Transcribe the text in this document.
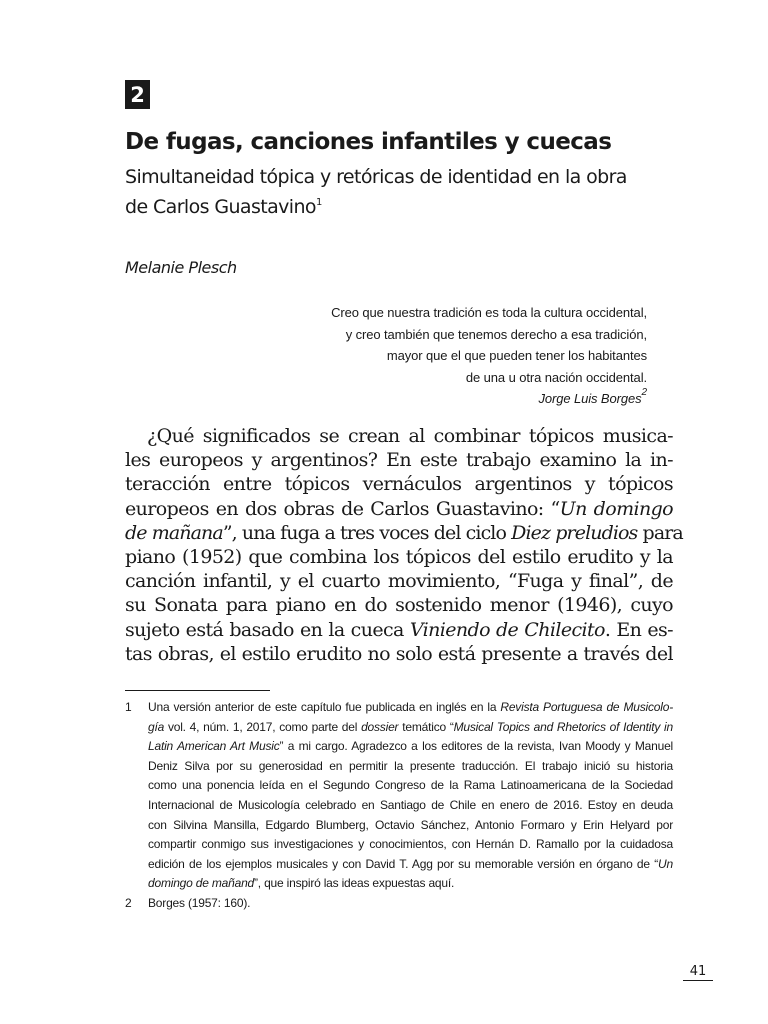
2
De fugas, canciones infantiles y cuecas
Simultaneidad tópica y retóricas de identidad en la obra
de Carlos Guastavino$^1$
Melanie Plesch
Creo que nuestra tradición es toda la cultura occidental,
y creo también que tenemos derecho a esa tradición,
mayor que el que pueden tener los habitantes
de una u otra nación occidental.
Jorge Luis Borges$^2$
¿Qué significados se crean al combinar tópicos musica-
les europeos y argentinos? En este trabajo examino la in-
teracción entre tópicos vernáculos argentinos y tópicos
europeos en dos obras de Carlos Guastavino: “Un domingo
de mañana”, una fuga a tres voces del ciclo Diez preludios para
piano (1952) que combina los tópicos del estilo erudito y la
canción infantil, y el cuarto movimiento, “Fuga y final”, de
su Sonata para piano en do sostenido menor (1946), cuyo
sujeto está basado en la cueca Viniendo de Chilecito. En es-
tas obras, el estilo erudito no solo está presente a través del
1 Una versión anterior de este capítulo fue publicada en inglés en la Revista Portuguesa de Musicolo-
gía vol. 4, núm. 1, 2017, como parte del dossier temático “Musical Topics and Rhetorics of Identity in
Latin American Art Music” a mi cargo. Agradezco a los editores de la revista, Ivan Moody y Manuel
Deniz Silva por su generosidad en permitir la presente traducción. El trabajo inició su historia
como una ponencia leída en el Segundo Congreso de la Rama Latinoamericana de la Sociedad
Internacional de Musicología celebrado en Santiago de Chile en enero de 2016. Estoy en deuda
con Silvina Mansilla, Edgardo Blumberg, Octavio Sánchez, Antonio Formaro y Erin Helyard por
compartir conmigo sus investigaciones y conocimientos, con Hernán D. Ramallo por la cuidadosa
edición de los ejemplos musicales y con David T. Agg por su memorable versión en órgano de “Un
domingo de mañand”, que inspiró las ideas expuestas aquí.
2 Borges (1957: 160).
41
